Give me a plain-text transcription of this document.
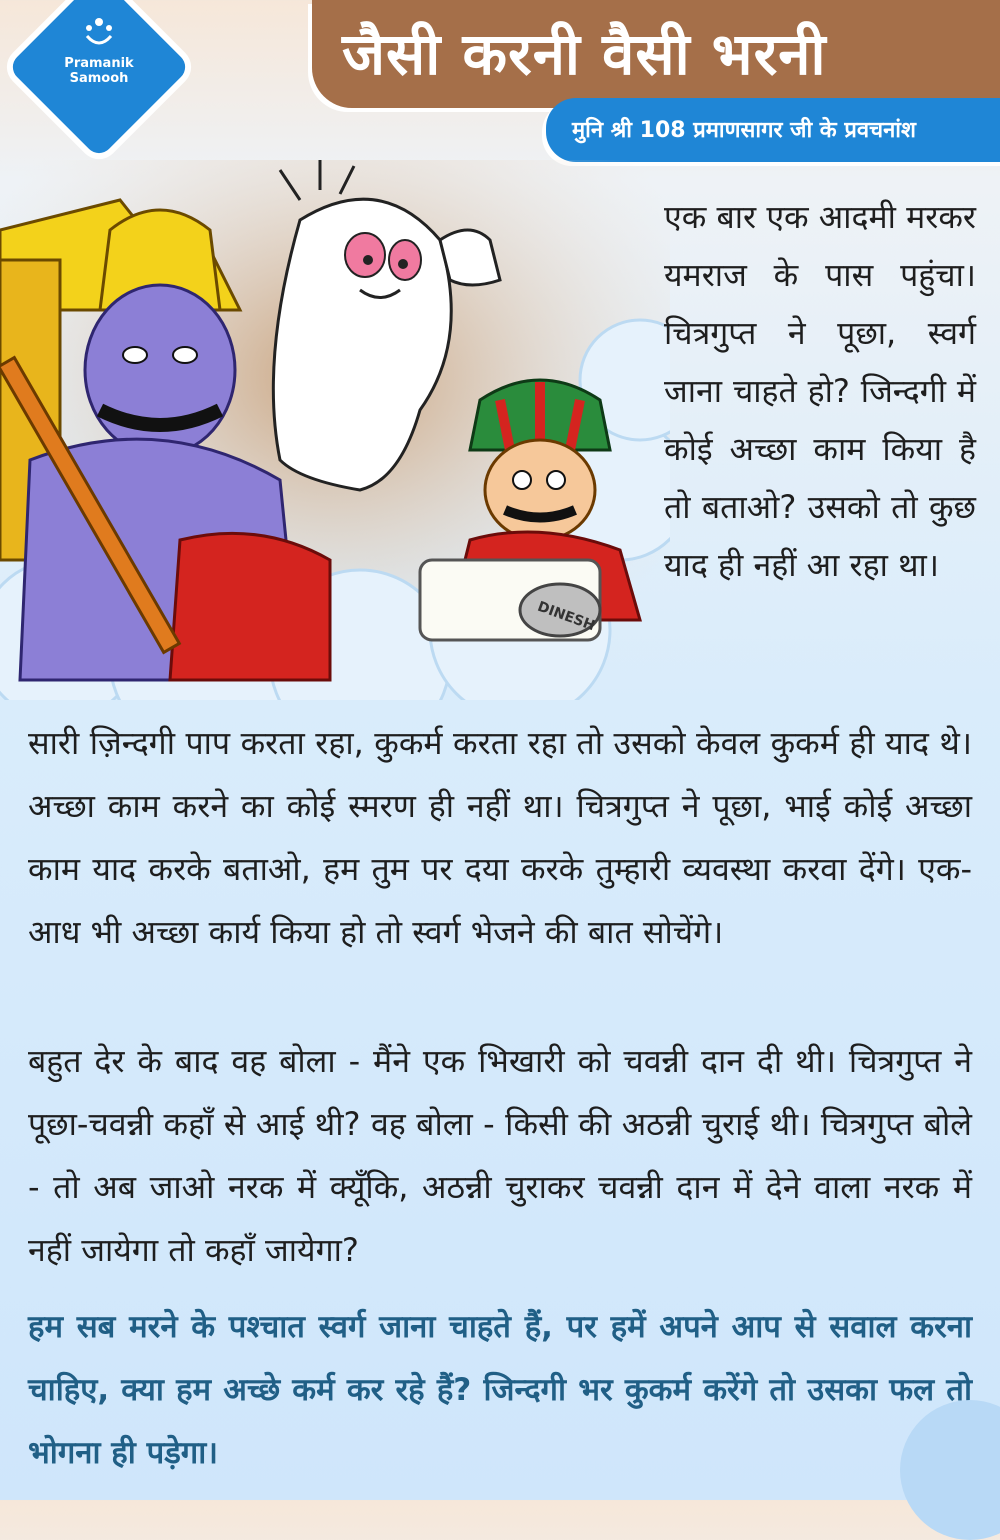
Pramanik
Samooh	जैसी करनी वैसी भरनी
मुनि श्री 108 प्रमाणसागर जी के प्रवचनांश
DINESH

एक बार एक आदमी मरकर यमराज के पास पहुंचा। चित्रगुप्त ने पूछा, स्वर्ग जाना चाहते हो? जिन्दगी में कोई अच्छा काम किया है तो बताओ? उसको तो कुछ याद ही नहीं आ रहा था।

सारी ज़िन्दगी पाप करता रहा, कुकर्म करता रहा तो उसको केवल कुकर्म ही याद थे। अच्छा काम करने का कोई स्मरण ही नहीं था। चित्रगुप्त ने पूछा, भाई कोई अच्छा काम याद करके बताओ, हम तुम पर दया करके तुम्हारी व्यवस्था करवा देंगे। एक-आध भी अच्छा कार्य किया हो तो स्वर्ग भेजने की बात सोचेंगे।

बहुत देर के बाद वह बोला - मैंने एक भिखारी को चवन्नी दान दी थी। चित्रगुप्त ने पूछा-चवन्नी कहाँ से आई थी? वह बोला - किसी की अठन्नी चुराई थी। चित्रगुप्त बोले - तो अब जाओ नरक में क्यूँकि, अठन्नी चुराकर चवन्नी दान में देने वाला नरक में नहीं जायेगा तो कहाँ जायेगा?

हम सब मरने के पश्चात स्वर्ग जाना चाहते हैं, पर हमें अपने आप से सवाल करना चाहिए, क्या हम अच्छे कर्म कर रहे हैं? जिन्दगी भर कुकर्म करेंगे तो उसका फल तो भोगना ही पड़ेगा।
